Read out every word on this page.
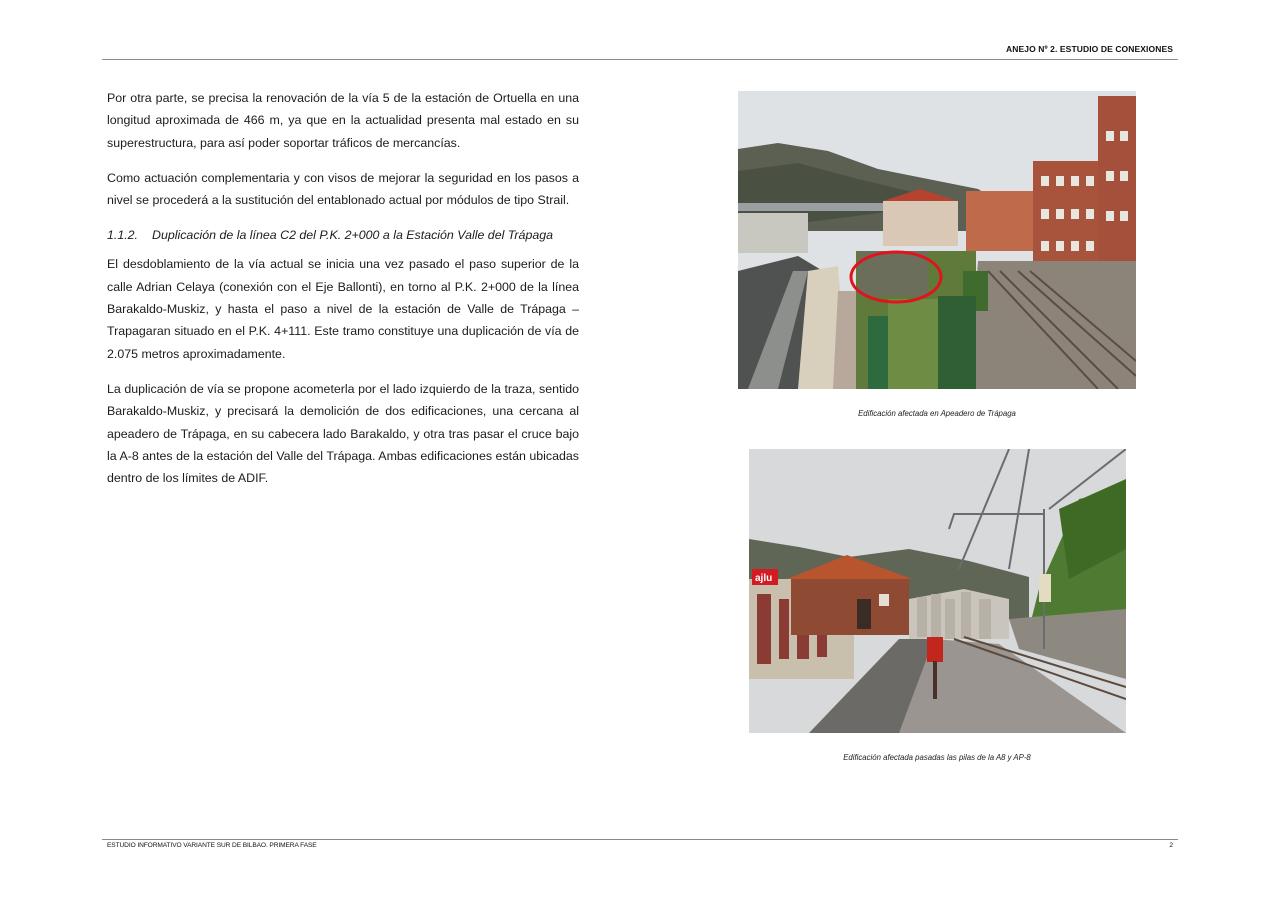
ANEJO Nº 2. ESTUDIO DE CONEXIONES

Por otra parte, se precisa la renovación de la vía 5 de la estación de Ortuella en una longitud aproximada de 466 m, ya que en la actualidad presenta mal estado en su superestructura, para así poder soportar tráficos de mercancías.

Como actuación complementaria y con visos de mejorar la seguridad en los pasos a nivel se procederá a la sustitución del entablonado actual por módulos de tipo Strail.

1.1.2. Duplicación de la línea C2 del P.K. 2+000 a la Estación Valle del Trápaga

El desdoblamiento de la vía actual se inicia una vez pasado el paso superior de la calle Adrian Celaya (conexión con el Eje Ballonti), en torno al P.K. 2+000 de la línea Barakaldo-Muskiz, y hasta el paso a nivel de la estación de Valle de Trápaga –Trapagaran situado en el P.K. 4+111. Este tramo constituye una duplicación de vía de 2.075 metros aproximadamente.

La duplicación de vía se propone acometerla por el lado izquierdo de la traza, sentido Barakaldo-Muskiz, y precisará la demolición de dos edificaciones, una cercana al apeadero de Trápaga, en su cabecera lado Barakaldo, y otra tras pasar el cruce bajo la A-8 antes de la estación del Valle del Trápaga. Ambas edificaciones están ubicadas dentro de los límites de ADIF.

Edificación afectada en Apeadero de Trápaga
ajlu
Edificación afectada pasadas las pilas de la A8 y AP-8
ESTUDIO INFORMATIVO VARIANTE SUR DE BILBAO. PRIMERA FASE	2
